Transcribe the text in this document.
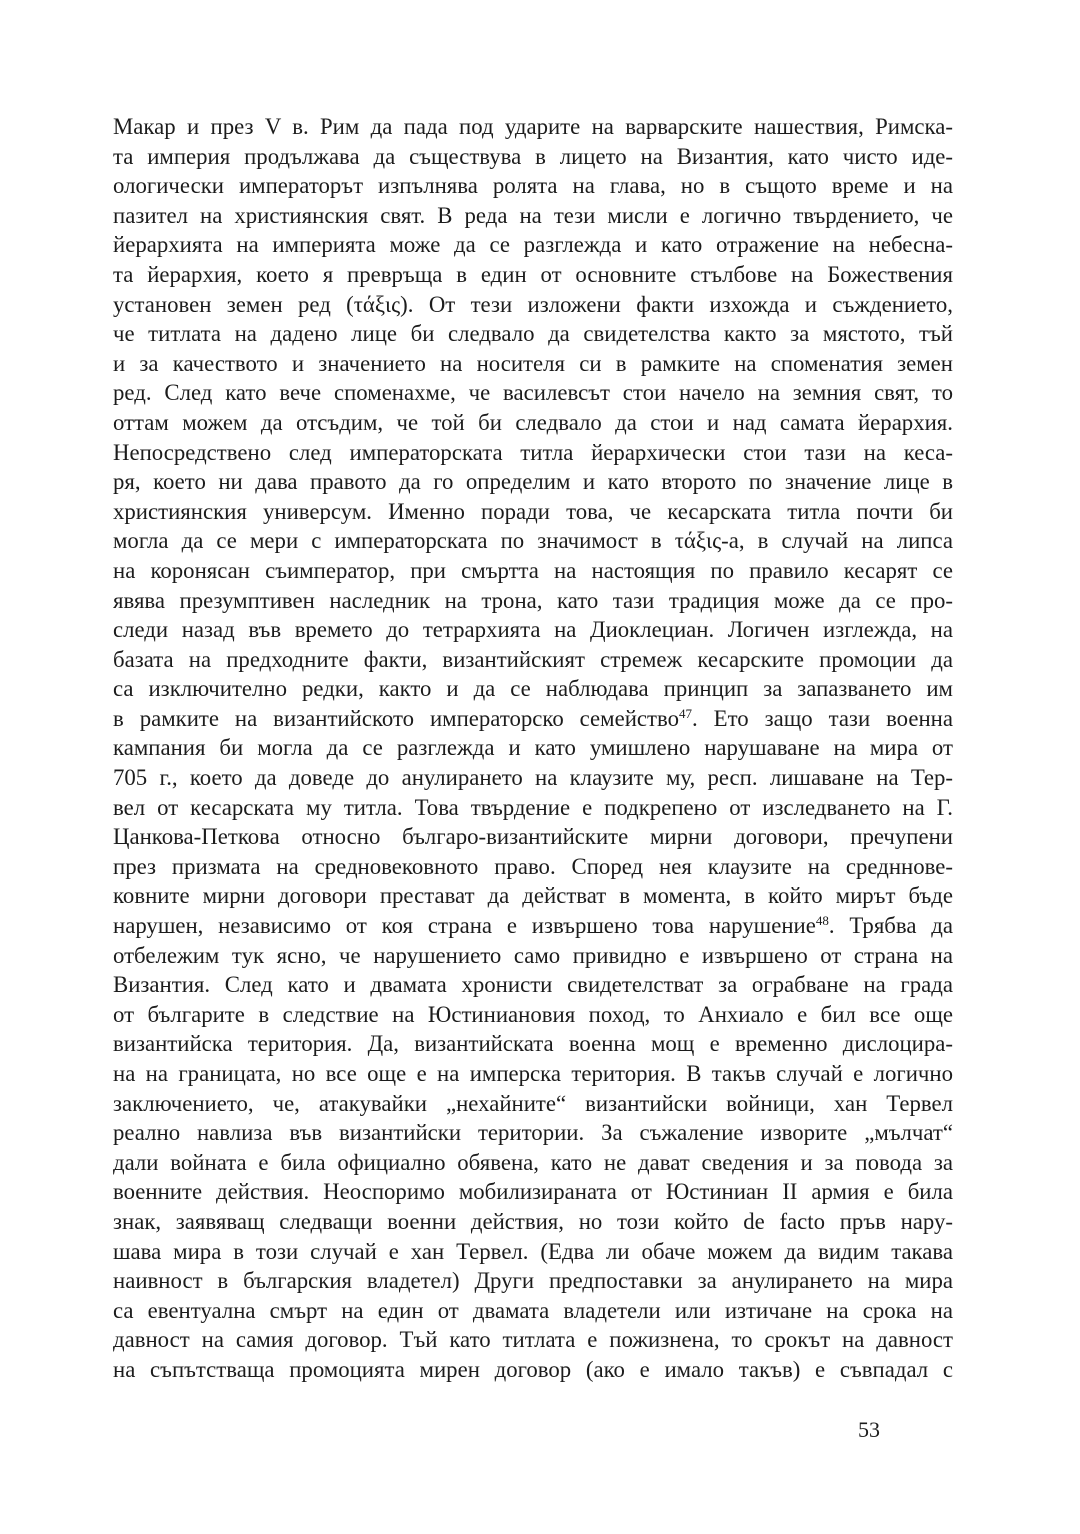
Макар и през V в. Рим да пада под ударите на варварските нашествия, Римска-
та империя продължава да съществува в лицето на Византия, като чисто иде-
ологически императорът изпълнява ролята на глава, но в същото време и на
пазител на християнския свят. В реда на тези мисли е логично твърдението, че
йерархията на империята може да се разглежда и като отражение на небесна-
та йерархия, което я превръща в един от основните стълбове на Божествения
установен земен ред (τάξις). От тези изложени факти изхожда и съждението,
че титлата на дадено лице би следвало да свидетелства както за мястото, тъй
и за качеството и значението на носителя си в рамките на споменатия земен
ред. След като вече споменахме, че василевсът стои начело на земния свят, то
оттам можем да отсъдим, че той би следвало да стои и над самата йерархия.
Непосредствено след императорската титла йерархически стои тази на кеса-
ря, което ни дава правото да го определим и като второто по значение лице в
християнския универсум. Именно поради това, че кесарската титла почти би
могла да се мери с императорската по значимост в τάξις-а, в случай на липса
на коронясан съимператор, при смъртта на настоящия по правило кесарят се
явява презумптивен наследник на трона, като тази традиция може да се про-
следи назад във времето до тетрархията на Диоклециан. Логичен изглежда, на
базата на предходните факти, византийският стремеж кесарските промоции да
са изключително редки, както и да се наблюдава принцип за запазването им
в рамките на византийското императорско семейство$^{47}$. Ето защо тази военна
кампания би могла да се разглежда и като умишлено нарушаване на мира от
705 г., което да доведе до анулирането на клаузите му, респ. лишаване на Тер-
вел от кесарската му титла. Това твърдение е подкрепено от изследването на Г.
Цанкова-Петкова относно българо-византийските мирни договори, пречупени
през призмата на средновековното право. Според нея клаузите на средннове-
ковните мирни договори престават да действат в момента, в който мирът бъде
нарушен, независимо от коя страна е извършено това нарушение$^{48}$. Трябва да
отбележим тук ясно, че нарушението само привидно е извършено от страна на
Византия. След като и двамата хронисти свидетелстват за ограбване на града
от българите в следствие на Юстиниановия поход, то Анхиало е бил все още
византийска територия. Да, византийската военна мощ е временно дислоцира-
на на границата, но все още е на имперска територия. В такъв случай е логично
заключението, че, атакувайки „нехайните“ византийски войници, хан Тервел
реално навлиза във византийски територии. За съжаление изворите „мълчат“
дали войната е била официално обявена, като не дават сведения и за повода за
военните действия. Неоспоримо мобилизираната от Юстиниан II армия е била
знак, заявяващ следващи военни действия, но този който de facto пръв нару-
шава мира в този случай е хан Тервел. (Едва ли обаче можем да видим такава
наивност в българския владетел) Други предпоставки за анулирането на мира
са евентуална смърт на един от двамата владетели или изтичане на срока на
давност на самия договор. Тъй като титлата е пожизнена, то срокът на давност
на съпътстваща промоцията мирен договор (ако е имало такъв) е съвпадал с
53
